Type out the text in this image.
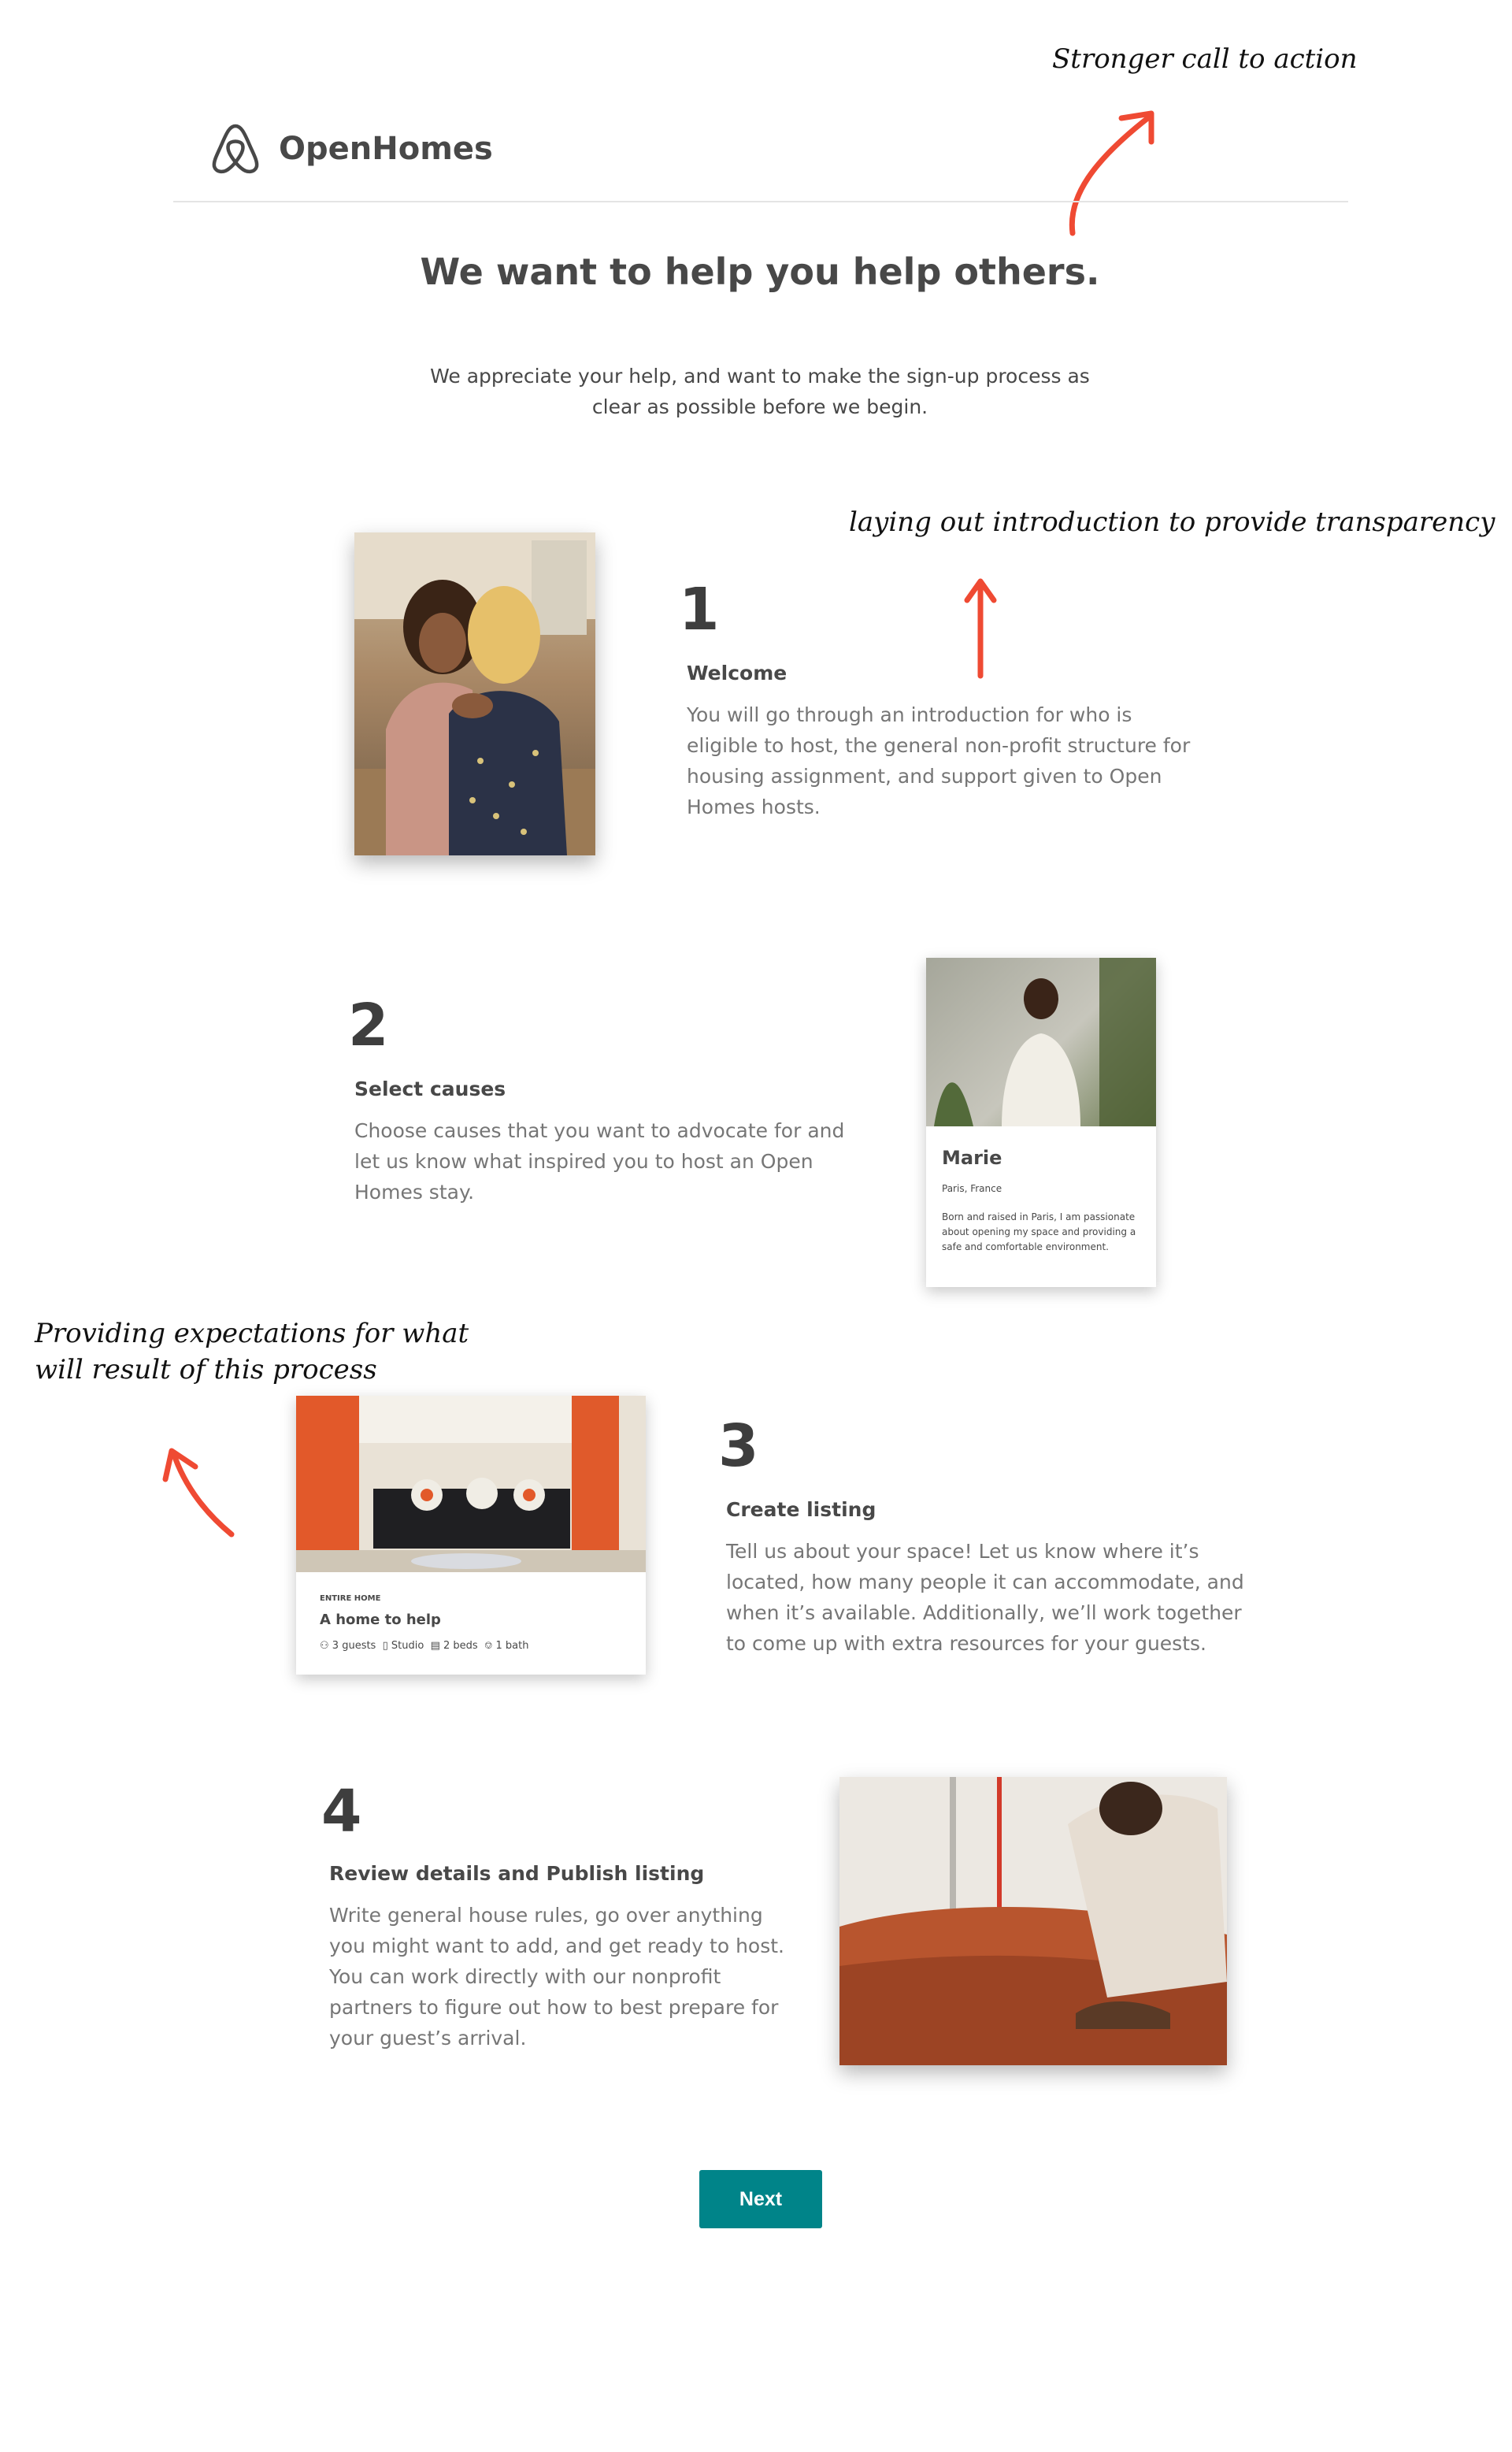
Stronger call to action
laying out introduction to provide transparency
Providing expectations for what
will result of this process
OpenHomes
We want to help you help others.
We appreciate your help, and want to make the sign-up process as clear as possible before we begin.
1
Welcome
You will go through an introduction for who is eligible to host, the general non-profit structure for housing assignment, and support given to Open Homes hosts.
2
Select causes
Choose causes that you want to advocate for and let us know what inspired you to host an Open Homes stay.
Marie
Paris, France
Born and raised in Paris, I am passionate about opening my space and providing a safe and comfortable environment.
ENTIRE HOME
A home to help
⚇ 3 guests ▯ Studio ▤ 2 beds ⎊ 1 bath
3
Create listing
Tell us about your space! Let us know where it’s located, how many people it can accommodate, and when it’s available. Additionally, we’ll work together to come up with extra resources for your guests.
4
Review details and Publish listing
Write general house rules, go over anything you might want to add, and get ready to host. You can work directly with our nonprofit partners to figure out how to best prepare for your guest’s arrival.
Next
